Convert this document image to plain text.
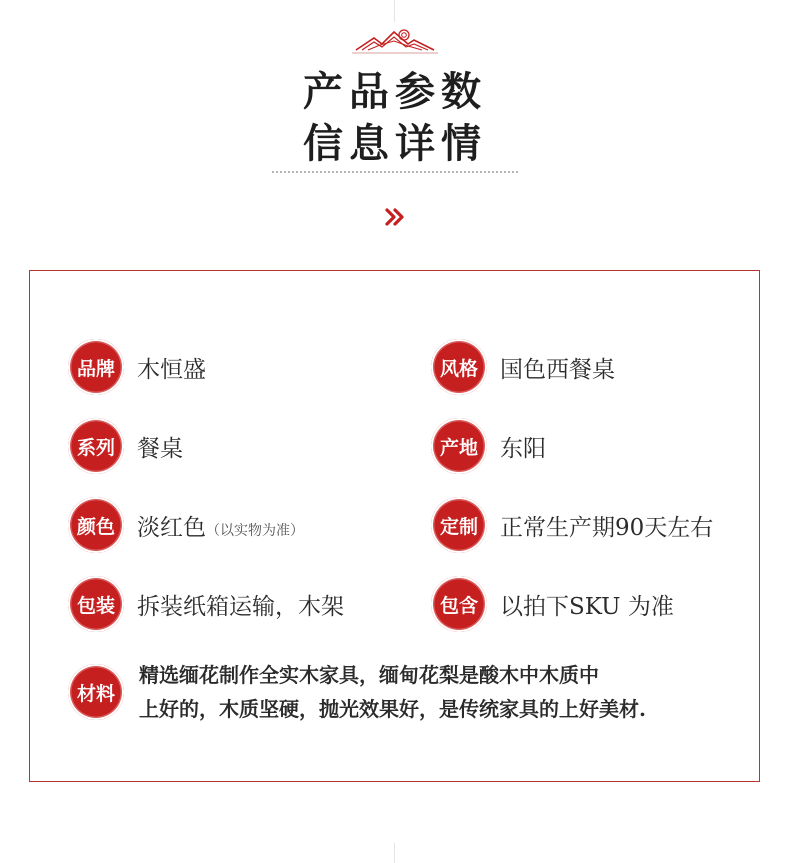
产品参数
信息详情
品牌 木恒盛	风格 国色西餐桌
系列 餐桌	产地 东阳
颜色 淡红色（以实物为准）	定制 正常生产期90天左右
包装 拆装纸箱运输，木架	包含 以拍下SKU 为准
材料
精选缅花制作全实木家具，缅甸花梨是酸木中木质中
上好的，木质坚硬，抛光效果好，是传统家具的上好美材.
